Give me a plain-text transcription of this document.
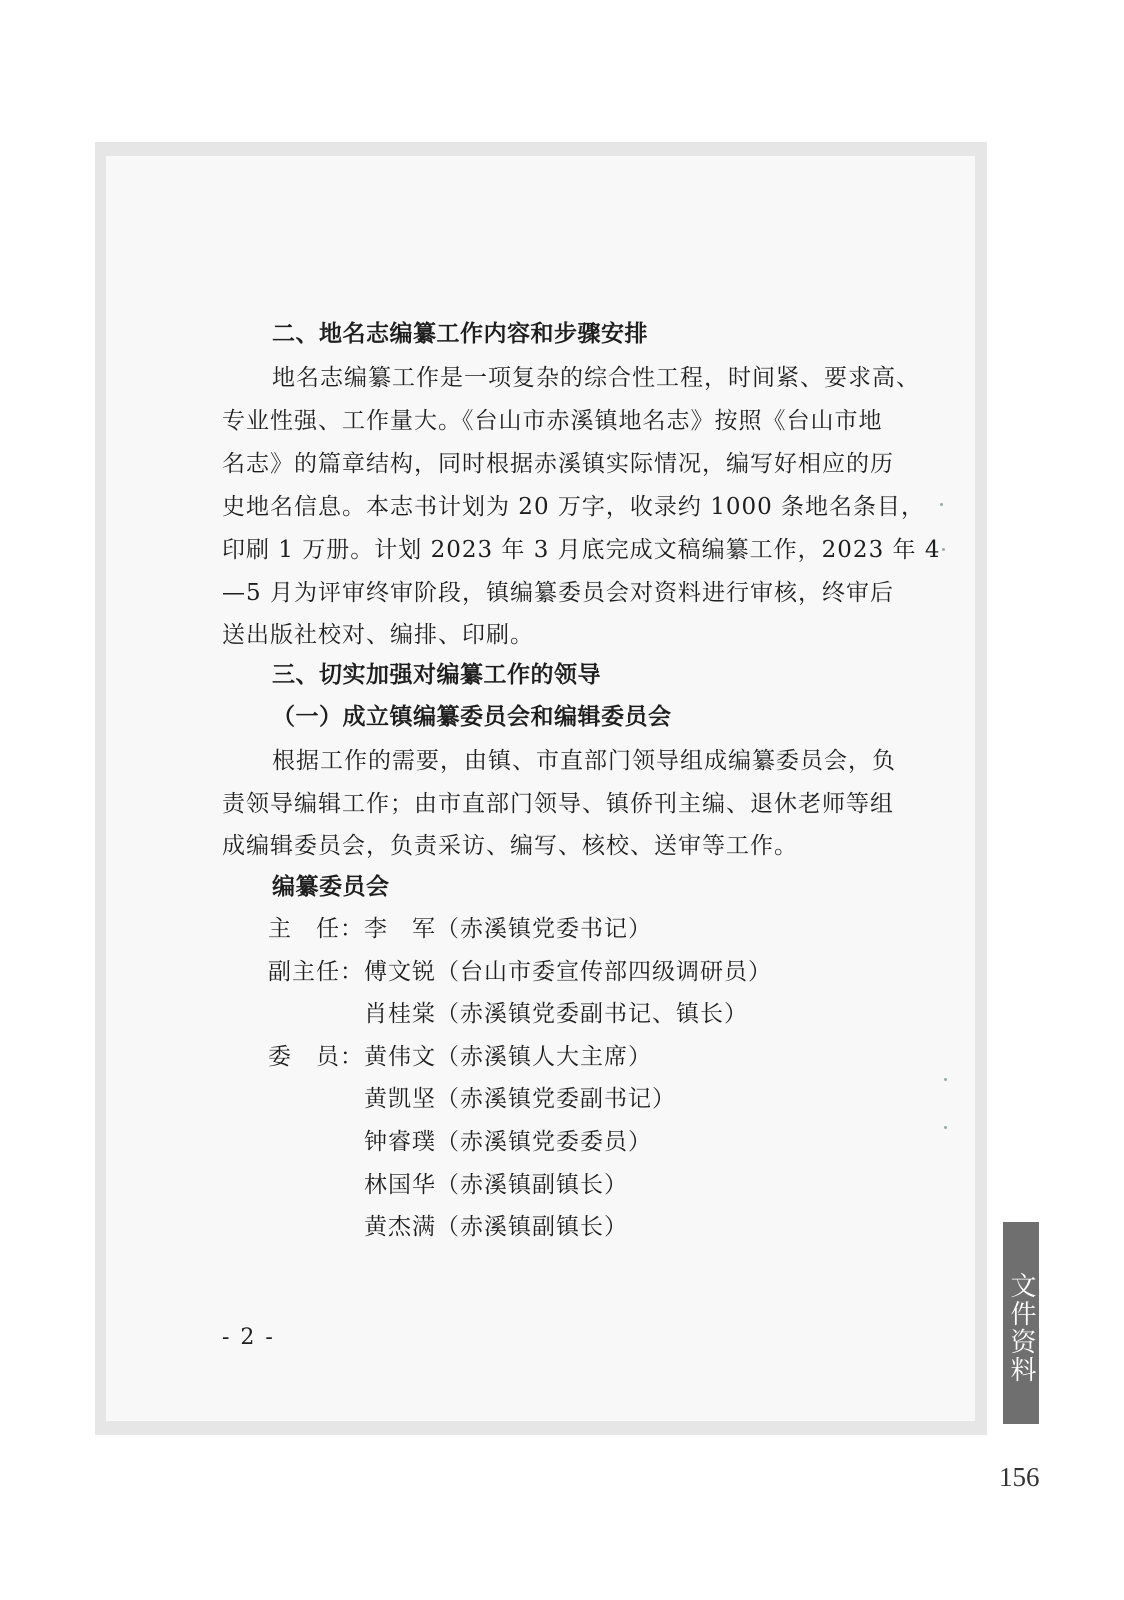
二、地名志编纂工作内容和步骤安排
地名志编纂工作是一项复杂的综合性工程，时间紧、要求高、
专业性强、工作量大。《台山市赤溪镇地名志》按照《台山市地
名志》的篇章结构，同时根据赤溪镇实际情况，编写好相应的历
史地名信息。本志书计划为 20 万字，收录约 1000 条地名条目，
印刷 1 万册。计划 2023 年 3 月底完成文稿编纂工作，2023 年 4
—5 月为评审终审阶段，镇编纂委员会对资料进行审核，终审后
送出版社校对、编排、印刷。
三、切实加强对编纂工作的领导
（一）成立镇编纂委员会和编辑委员会
根据工作的需要，由镇、市直部门领导组成编纂委员会，负
责领导编辑工作；由市直部门领导、镇侨刊主编、退休老师等组
成编辑委员会，负责采访、编写、核校、送审等工作。
编纂委员会
主　任： 李　军（赤溪镇党委书记）
副主任： 傅文锐（台山市委宣传部四级调研员）
肖桂棠（赤溪镇党委副书记、镇长）
委　员： 黄伟文（赤溪镇人大主席）
黄凯坚（赤溪镇党委副书记）
钟睿璞（赤溪镇党委委员）
林国华（赤溪镇副镇长）
黄杰满（赤溪镇副镇长）
- 2 -	文件资料
156
